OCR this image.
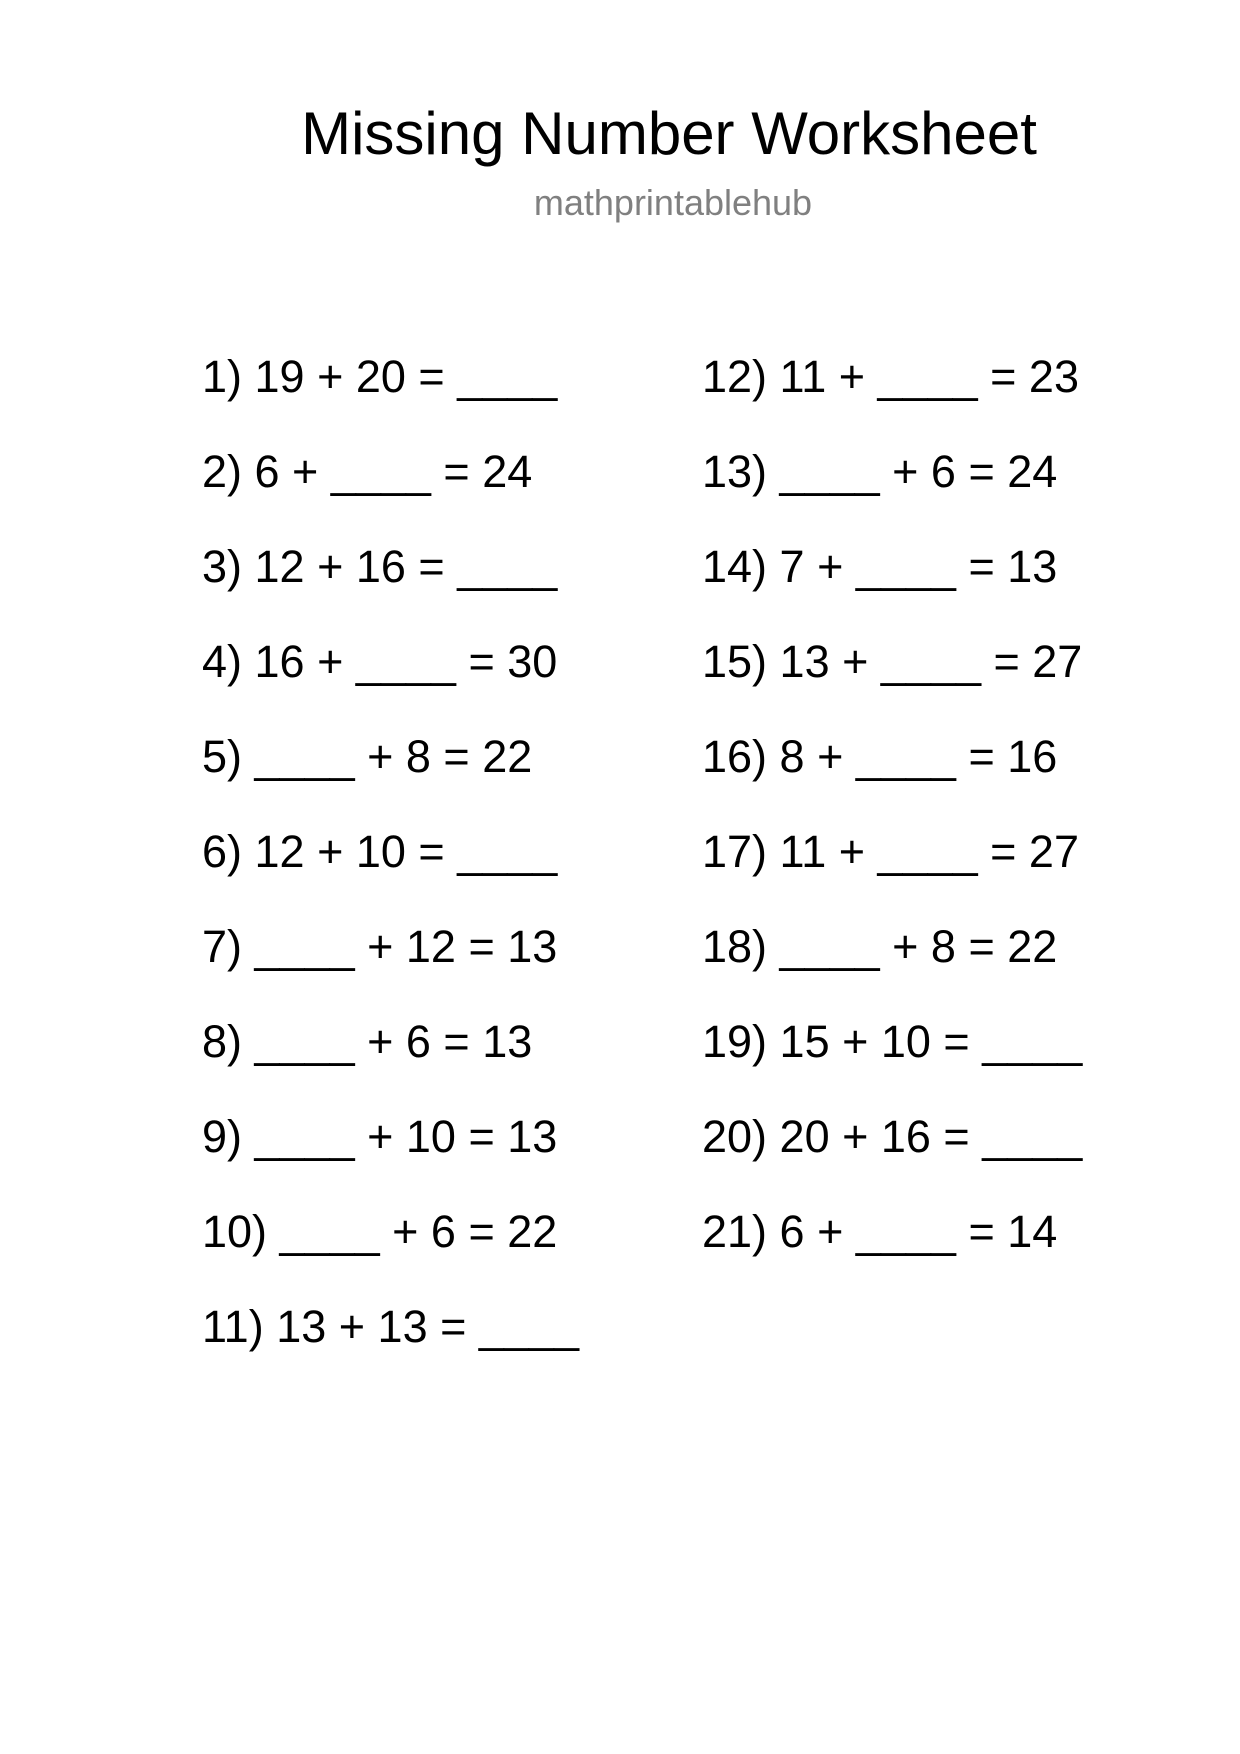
Missing Number Worksheet
mathprintablehub
1) 19 + 20 = ____
2) 6 + ____ = 24
3) 12 + 16 = ____
4) 16 + ____ = 30
5) ____ + 8 = 22
6) 12 + 10 = ____
7) ____ + 12 = 13
8) ____ + 6 = 13
9) ____ + 10 = 13
10) ____ + 6 = 22
11) 13 + 13 = ____
12) 11 + ____ = 23
13) ____ + 6 = 24
14) 7 + ____ = 13
15) 13 + ____ = 27
16) 8 + ____ = 16
17) 11 + ____ = 27
18) ____ + 8 = 22
19) 15 + 10 = ____
20) 20 + 16 = ____
21) 6 + ____ = 14
